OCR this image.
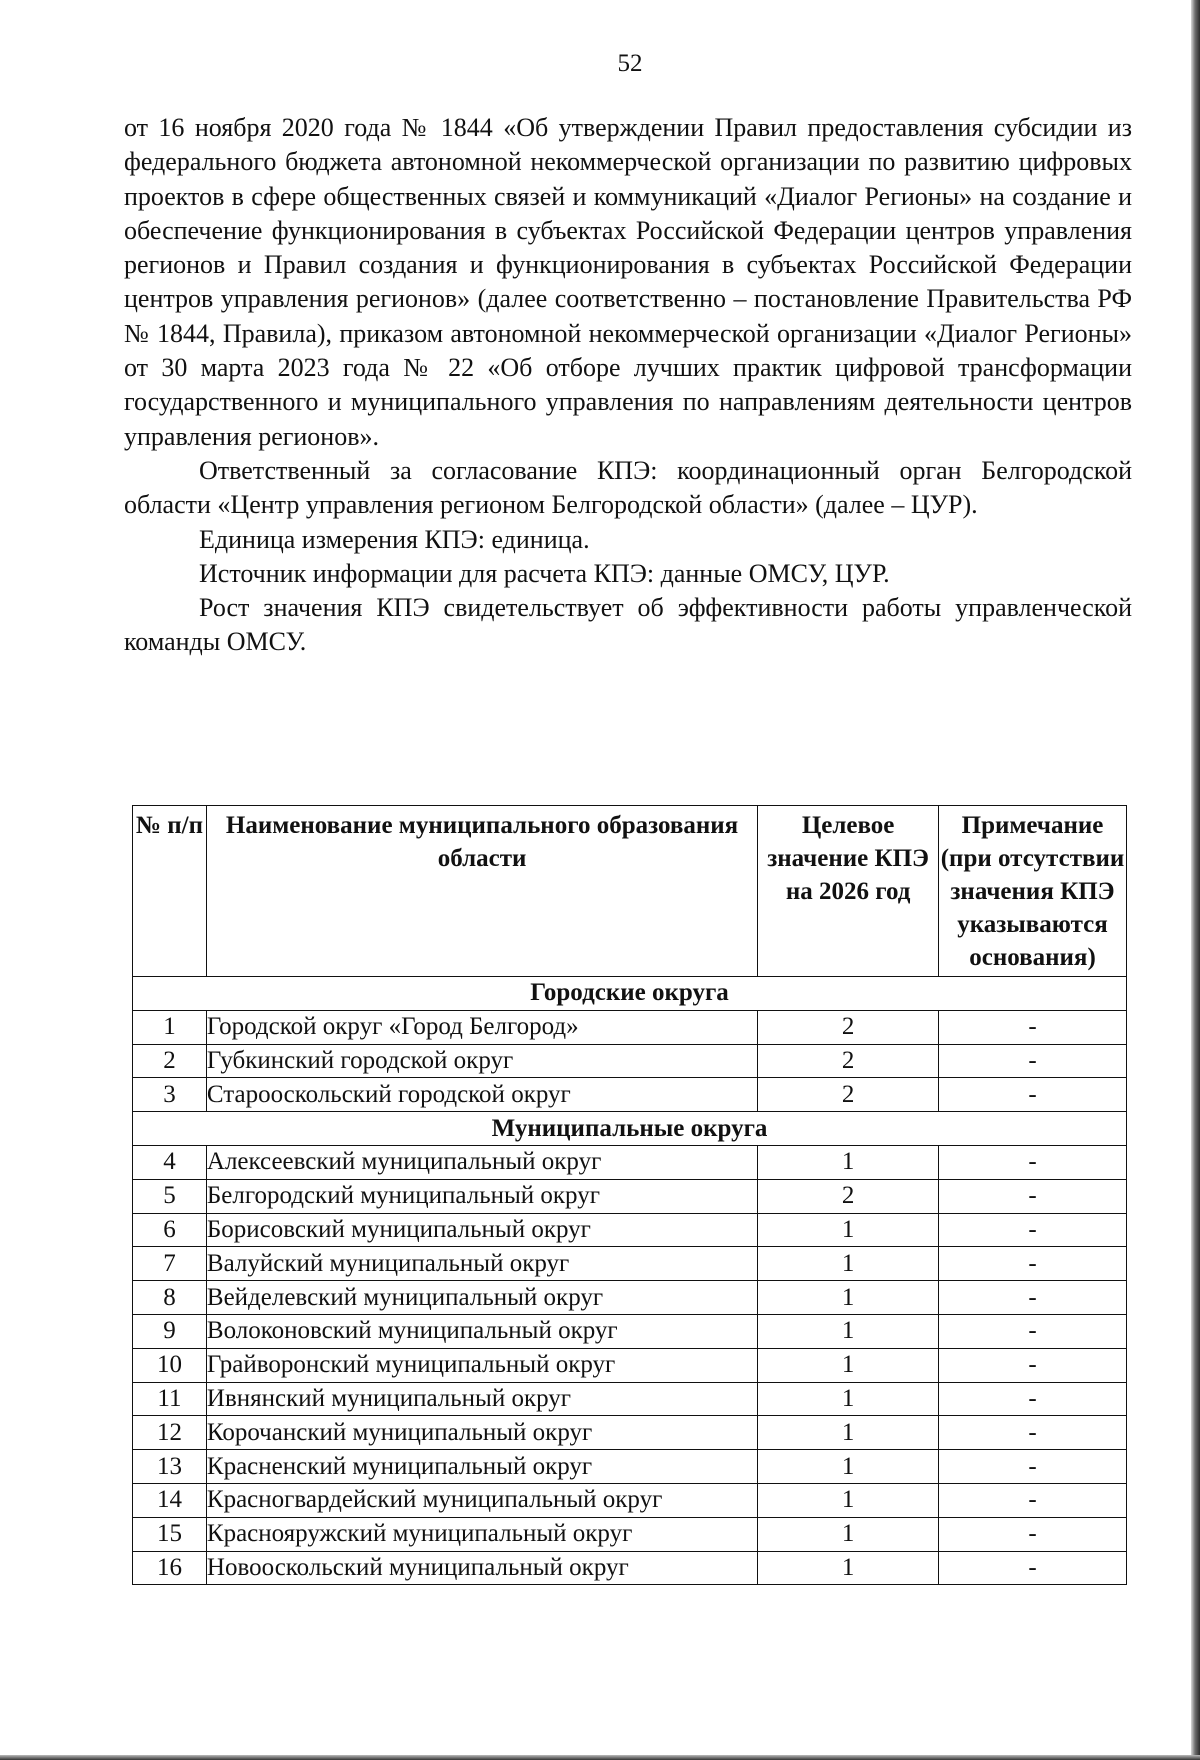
52

от 16 ноября 2020 года № 1844 «Об утверждении Правил предоставления субсидии из федерального бюджета автономной некоммерческой организации по развитию цифровых проектов в сфере общественных связей и коммуникаций «Диалог Регионы» на создание и обеспечение функционирования в субъектах Российской Федерации центров управления регионов и Правил создания и функционирования в субъектах Российской Федерации центров управления регионов» (далее соответственно – постановление Правительства РФ № 1844, Правила), приказом автономной некоммерческой организации «Диалог Регионы» от 30 марта 2023 года № 22 «Об отборе лучших практик цифровой трансформации государственного и муниципального управления по направлениям деятельности центров управления регионов».

Ответственный за согласование КПЭ: координационный орган Белгородской области «Центр управления регионом Белгородской области» (далее – ЦУР).

Единица измерения КПЭ: единица.

Источник информации для расчета КПЭ: данные ОМСУ, ЦУР.

Рост значения КПЭ свидетельствует об эффективности работы управленческой команды ОМСУ.

№ п/п	Наименование муниципального образования области	Целевое значение КПЭ на 2026 год	Примечание (при отсутствии значения КПЭ указываются основания)
Городские округа			
1	Городской округ «Город Белгород»	2	-
2	Губкинский городской округ	2	-
3	Старооскольский городской округ	2	-
Муниципальные округа			
4	Алексеевский муниципальный округ	1	-
5	Белгородский муниципальный округ	2	-
6	Борисовский муниципальный округ	1	-
7	Валуйский муниципальный округ	1	-
8	Вейделевский муниципальный округ	1	-
9	Волоконовский муниципальный округ	1	-
10	Грайворонский муниципальный округ	1	-
11	Ивнянский муниципальный округ	1	-
12	Корочанский муниципальный округ	1	-
13	Красненский муниципальный округ	1	-
14	Красногвардейский муниципальный округ	1	-
15	Краснояружский муниципальный округ	1	-
16	Новооскольский муниципальный округ	1	-
